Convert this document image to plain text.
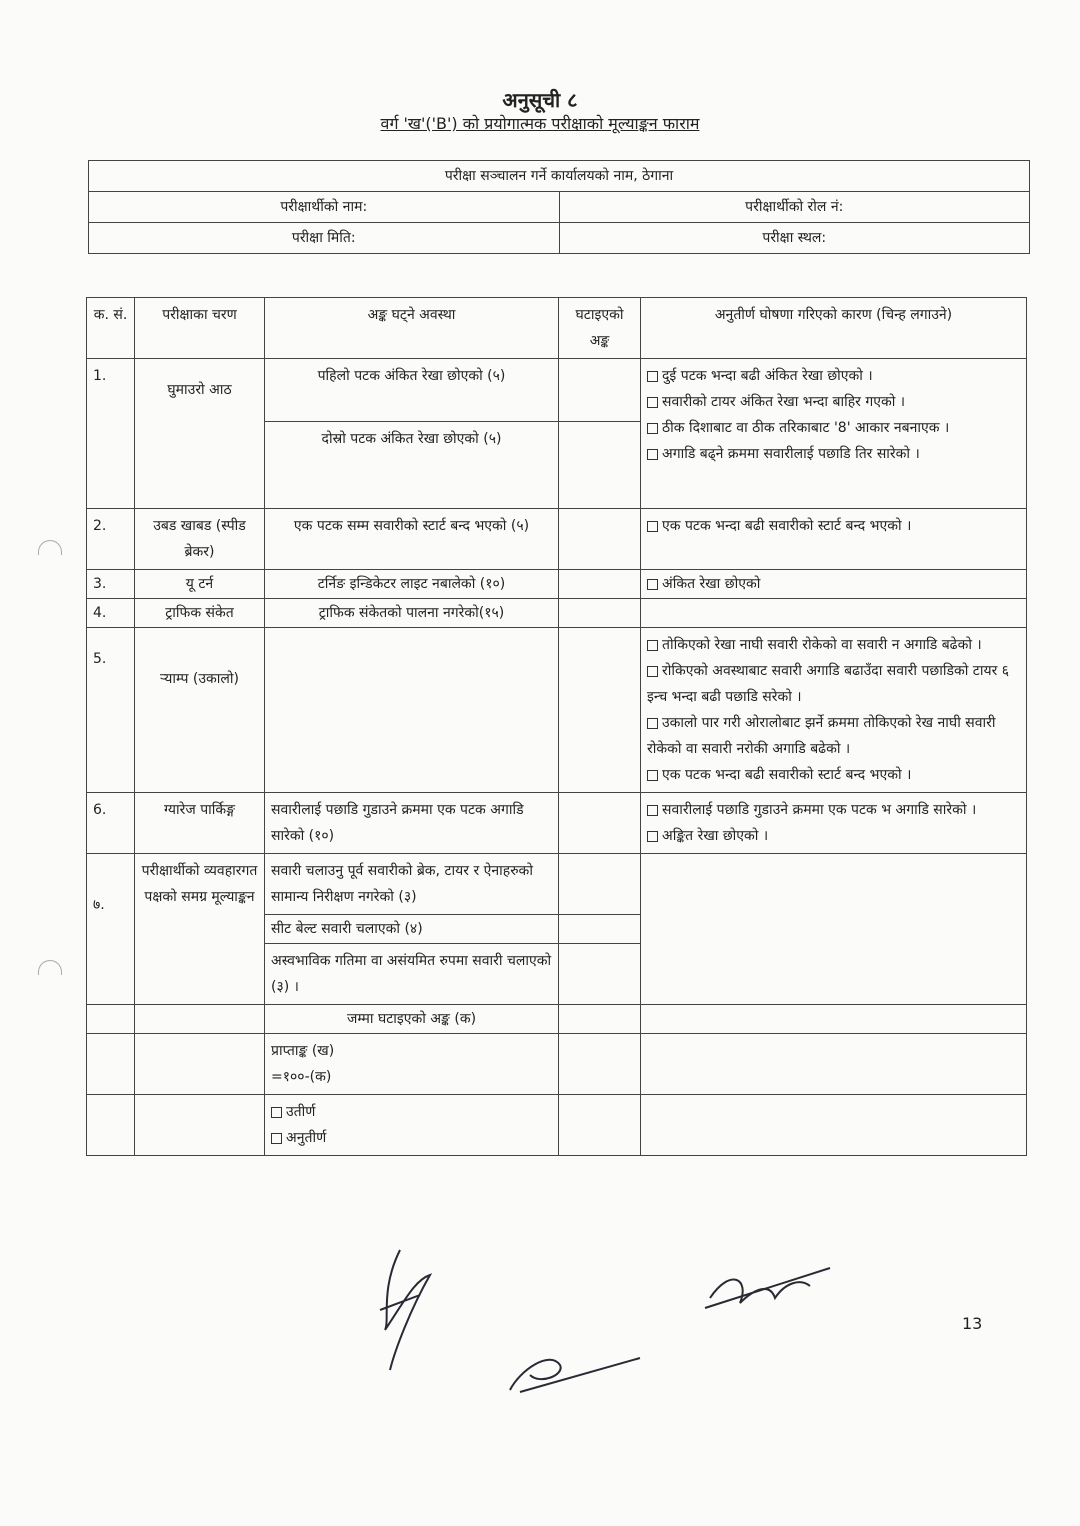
अनुसूची ८
वर्ग 'ख'('B') को प्रयोगात्मक परीक्षाको मूल्याङ्कन फाराम
परीक्षा सञ्चालन गर्ने कार्यालयको नाम, ठेगाना	
परीक्षार्थीको नाम:	परीक्षार्थीको रोल नं:
परीक्षा मिति:	परीक्षा स्थल:
क. सं.	परीक्षाका चरण	अङ्क घट्ने अवस्था	घटाइएको अङ्क	अनुतीर्ण घोषणा गरिएको कारण (चिन्ह लगाउने)
1.	घुमाउरो आठ	पहिलो पटक अंकित रेखा छोएको (५)		दुई पटक भन्दा बढी अंकित रेखा छोएको ।
सवारीको टायर अंकित रेखा भन्दा बाहिर गएको ।
ठीक दिशाबाट वा ठीक तरिकाबाट '8' आकार नबनाएक ।
अगाडि बढ्ने क्रममा सवारीलाई पछाडि तिर सारेको ।

		दोस्रो पटक अंकित रेखा छोएको (५)		
2.	उबड खाबड (स्पीड ब्रेकर)	एक पटक सम्म सवारीको स्टार्ट बन्द भएको (५)		एक पटक भन्दा बढी सवारीको स्टार्ट बन्द भएको ।

3.	यू टर्न	टर्निङ इन्डिकेटर लाइट नबालेको (१०)		अंकित रेखा छोएको

4.	ट्राफिक संकेत	ट्राफिक संकेतको पालना नगरेको(१५)		
5.	र्‍याम्प (उकालो)			तोकिएको रेखा नाघी सवारी रोकेको वा सवारी न अगाडि बढेको ।
रोकिएको अवस्थाबाट सवारी अगाडि बढाउँदा सवारी पछाडिको टायर ६ इन्च भन्दा बढी पछाडि सरेको ।
उकालो पार गरी ओरालोबाट झर्ने क्रममा तोकिएको रेख नाघी सवारी रोकेको वा सवारी नरोकी अगाडि बढेको ।
एक पटक भन्दा बढी सवारीको स्टार्ट बन्द भएको ।

6.	ग्यारेज पार्किङ्ग	सवारीलाई पछाडि गुडाउने क्रममा एक पटक अगाडि सारेको (१०)		सवारीलाई पछाडि गुडाउने क्रममा एक पटक भ अगाडि सारेको ।
अङ्कित रेखा छोएको ।

७.	परीक्षार्थीको व्यवहारगत पक्षको समग्र मूल्याङ्कन	सवारी चलाउनु पूर्व सवारीको ब्रेक, टायर र ऐनाहरुको सामान्य निरीक्षण नगरेको (३)		
		सीट बेल्ट सवारी चलाएको (४)		
		अस्वभाविक गतिमा वा असंयमित रुपमा सवारी चलाएको (३) ।		
		जम्मा घटाइएको अङ्क (क)		

		प्राप्ताङ्क (ख)
=१००-(क)		

		उतीर्ण
अनुतीर्ण		

13
